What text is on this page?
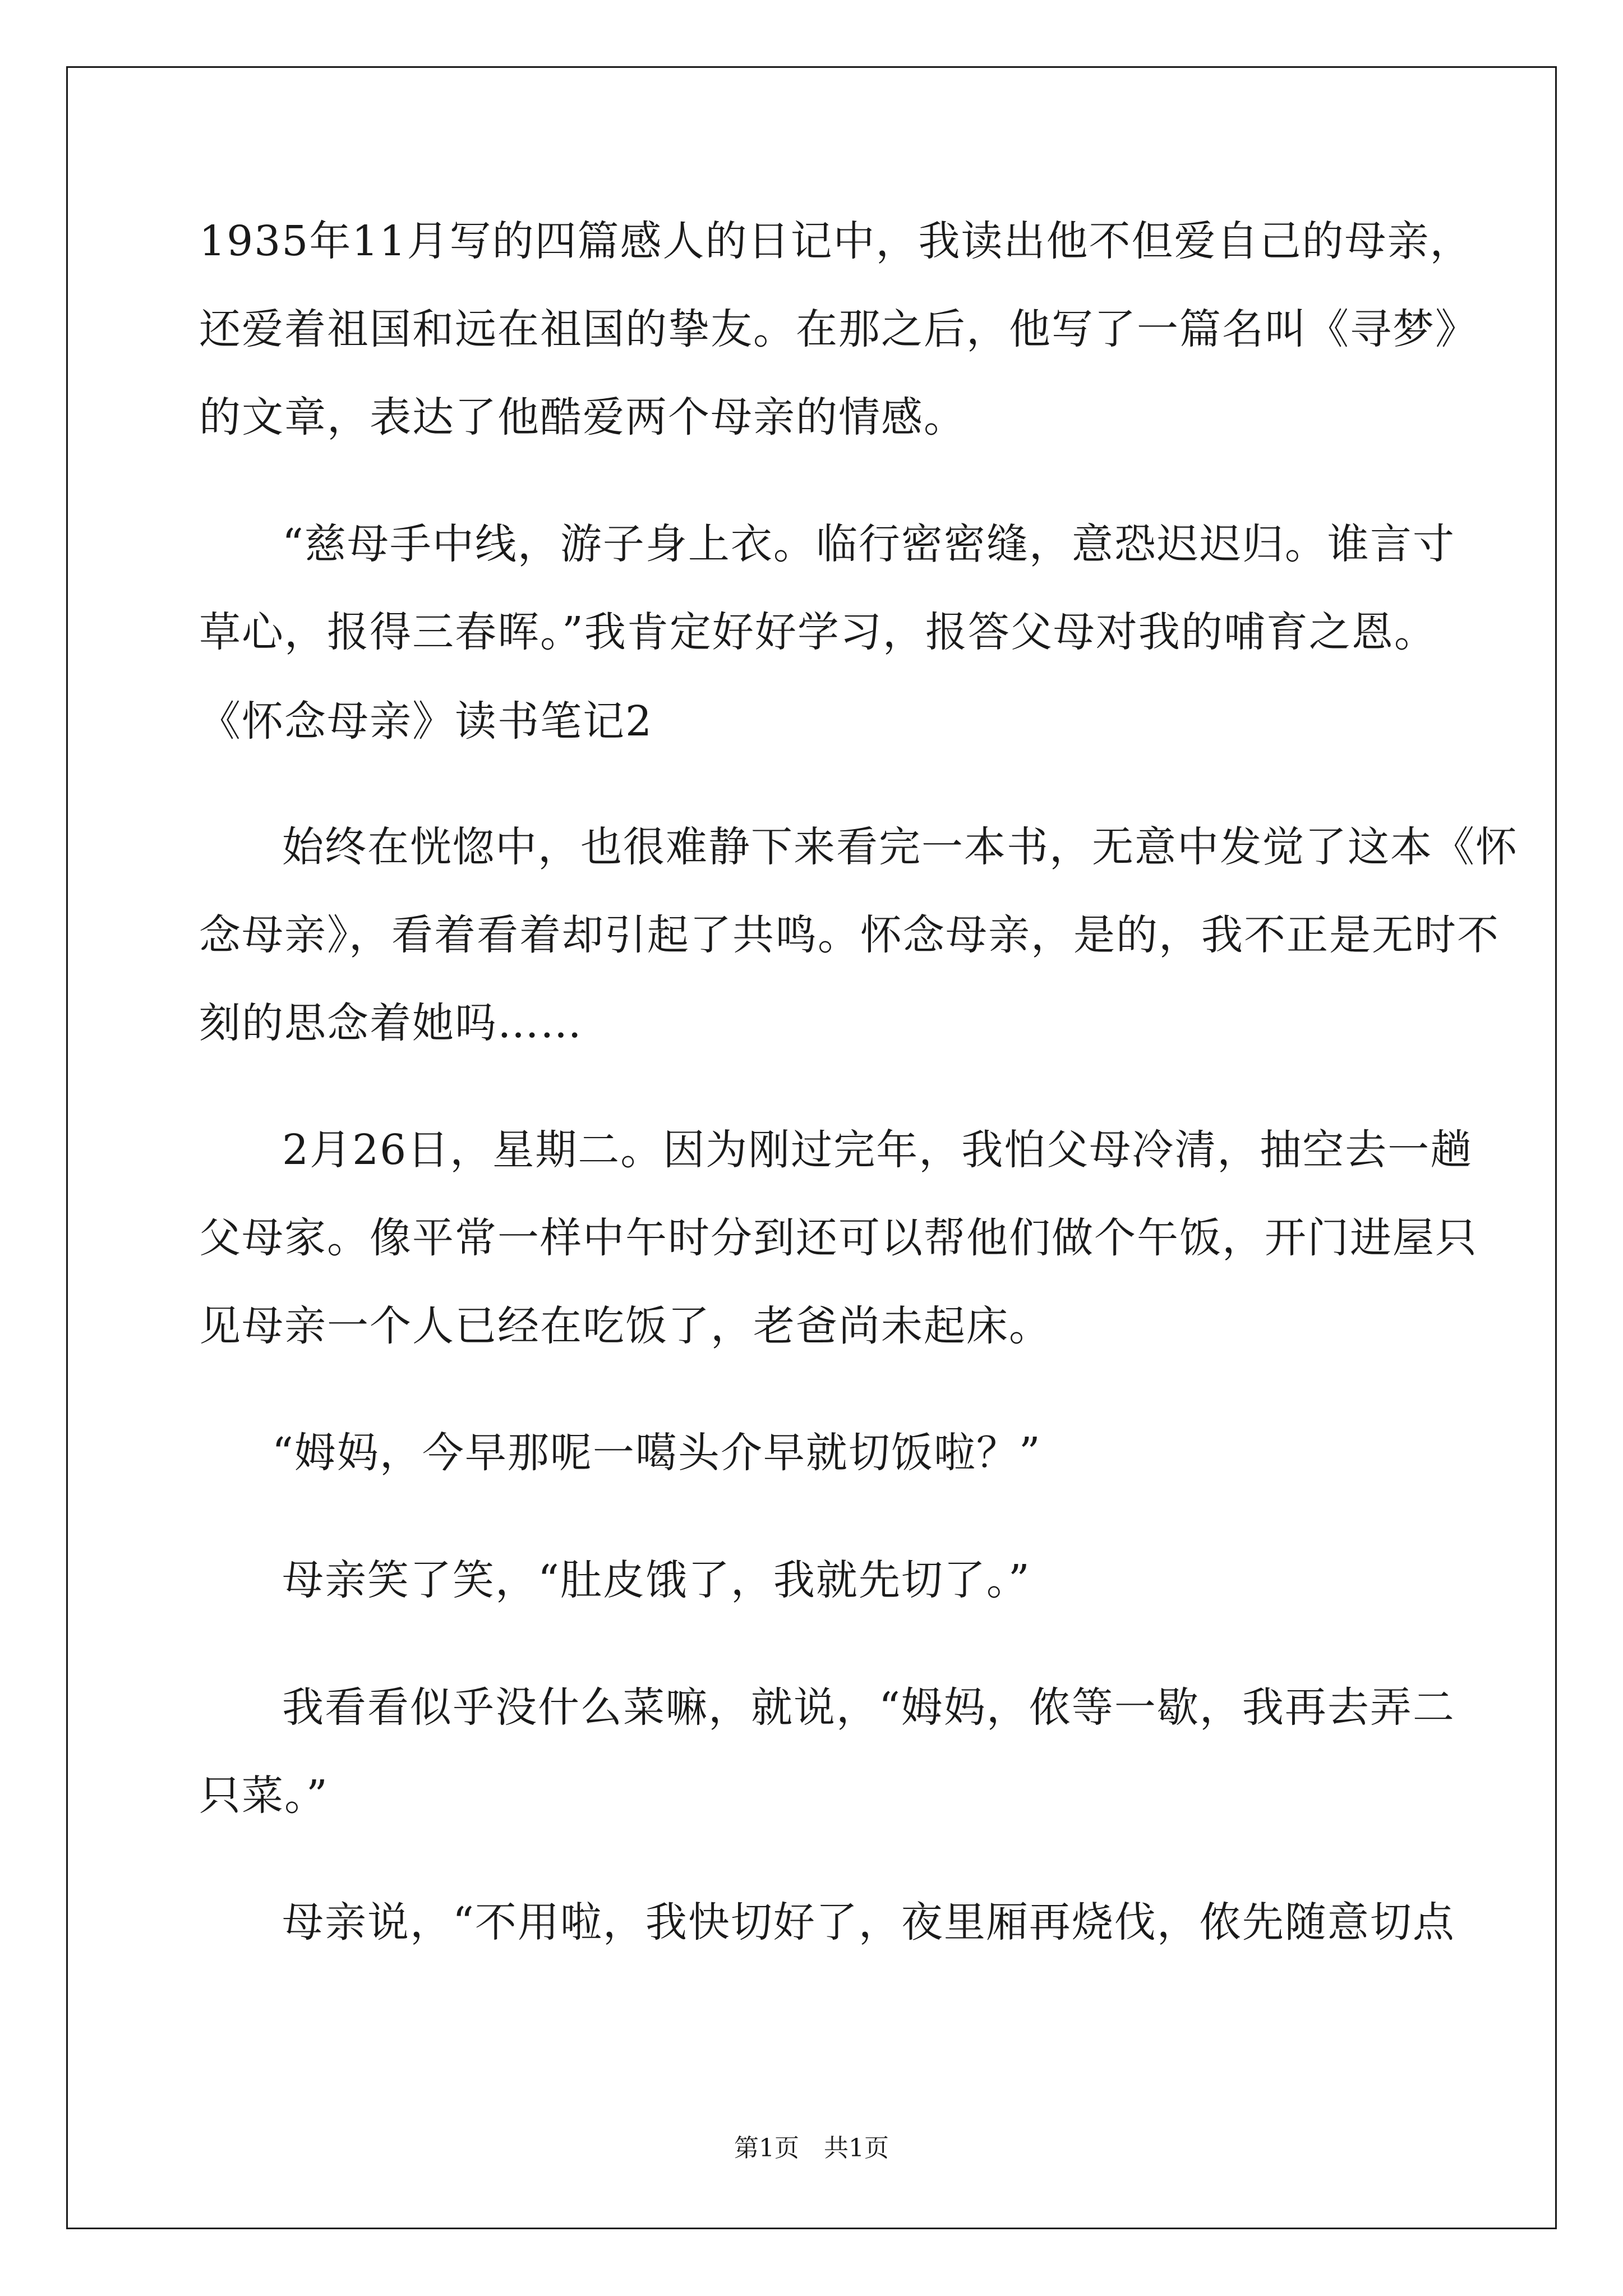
1935年11月写的四篇感人的日记中，我读出他不但爱自己的母亲，
还爱着祖国和远在祖国的挚友。在那之后，他写了一篇名叫《寻梦》
的文章，表达了他酷爱两个母亲的情感。
“慈母手中线，游子身上衣。临行密密缝，意恐迟迟归。谁言寸
草心，报得三春晖。”我肯定好好学习，报答父母对我的哺育之恩。
《怀念母亲》读书笔记2
始终在恍惚中，也很难静下来看完一本书，无意中发觉了这本《怀
念母亲》，看着看着却引起了共鸣。怀念母亲，是的，我不正是无时不
刻的思念着她吗……
2月26日，星期二。因为刚过完年，我怕父母冷清，抽空去一趟
父母家。像平常一样中午时分到还可以帮他们做个午饭，开门进屋只
见母亲一个人已经在吃饭了，老爸尚未起床。
“姆妈，今早那呢一噶头介早就切饭啦？”
母亲笑了笑，“肚皮饿了，我就先切了。”
我看看似乎没什么菜嘛，就说，“姆妈，侬等一歇，我再去弄二
只菜。”
母亲说，“不用啦，我快切好了，夜里厢再烧伐，侬先随意切点
第1页　共1页
